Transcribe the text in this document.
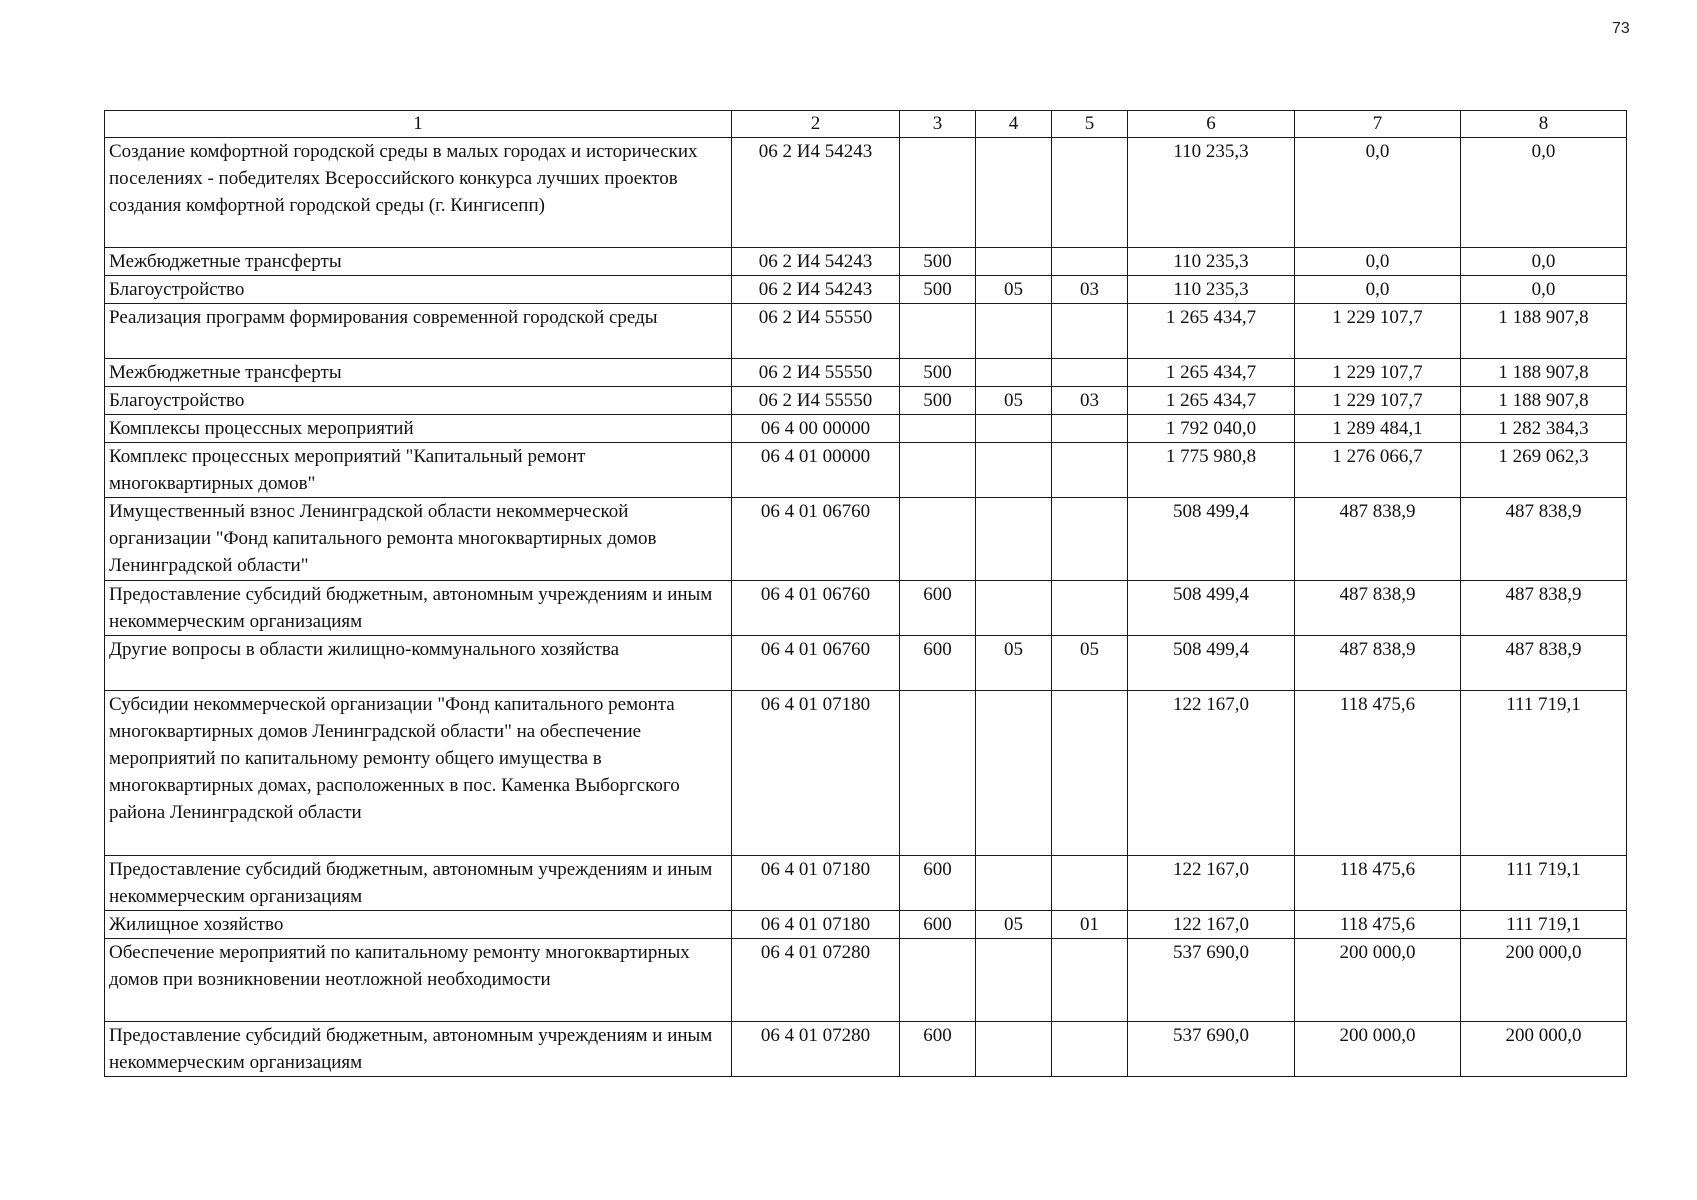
73
1	2	3	4	5	6	7	8
Создание комфортной городской среды в малых городах и исторических поселениях - победителях Всероссийского конкурса лучших проектов создания комфортной городской среды (г. Кингисепп)	06 2 И4 54243				110 235,3	0,0	0,0
Межбюджетные трансферты	06 2 И4 54243	500			110 235,3	0,0	0,0
Благоустройство	06 2 И4 54243	500	05	03	110 235,3	0,0	0,0
Реализация программ формирования современной городской среды	06 2 И4 55550				1 265 434,7	1 229 107,7	1 188 907,8
Межбюджетные трансферты	06 2 И4 55550	500			1 265 434,7	1 229 107,7	1 188 907,8
Благоустройство	06 2 И4 55550	500	05	03	1 265 434,7	1 229 107,7	1 188 907,8
Комплексы процессных мероприятий	06 4 00 00000				1 792 040,0	1 289 484,1	1 282 384,3
Комплекс процессных мероприятий "Капитальный ремонт многоквартирных домов"	06 4 01 00000				1 775 980,8	1 276 066,7	1 269 062,3
Имущественный взнос Ленинградской области некоммерческой организации "Фонд капитального ремонта многоквартирных домов Ленинградской области"	06 4 01 06760				508 499,4	487 838,9	487 838,9
Предоставление субсидий бюджетным, автономным учреждениям и иным некоммерческим организациям	06 4 01 06760	600			508 499,4	487 838,9	487 838,9
Другие вопросы в области жилищно-коммунального хозяйства	06 4 01 06760	600	05	05	508 499,4	487 838,9	487 838,9
Субсидии некоммерческой организации "Фонд капитального ремонта многоквартирных домов Ленинградской области" на обеспечение мероприятий по капитальному ремонту общего имущества в многоквартирных домах, расположенных в пос. Каменка Выборгского района Ленинградской области	06 4 01 07180				122 167,0	118 475,6	111 719,1
Предоставление субсидий бюджетным, автономным учреждениям и иным некоммерческим организациям	06 4 01 07180	600			122 167,0	118 475,6	111 719,1
Жилищное хозяйство	06 4 01 07180	600	05	01	122 167,0	118 475,6	111 719,1
Обеспечение мероприятий по капитальному ремонту многоквартирных домов при возникновении неотложной необходимости	06 4 01 07280				537 690,0	200 000,0	200 000,0
Предоставление субсидий бюджетным, автономным учреждениям и иным некоммерческим организациям	06 4 01 07280	600			537 690,0	200 000,0	200 000,0
